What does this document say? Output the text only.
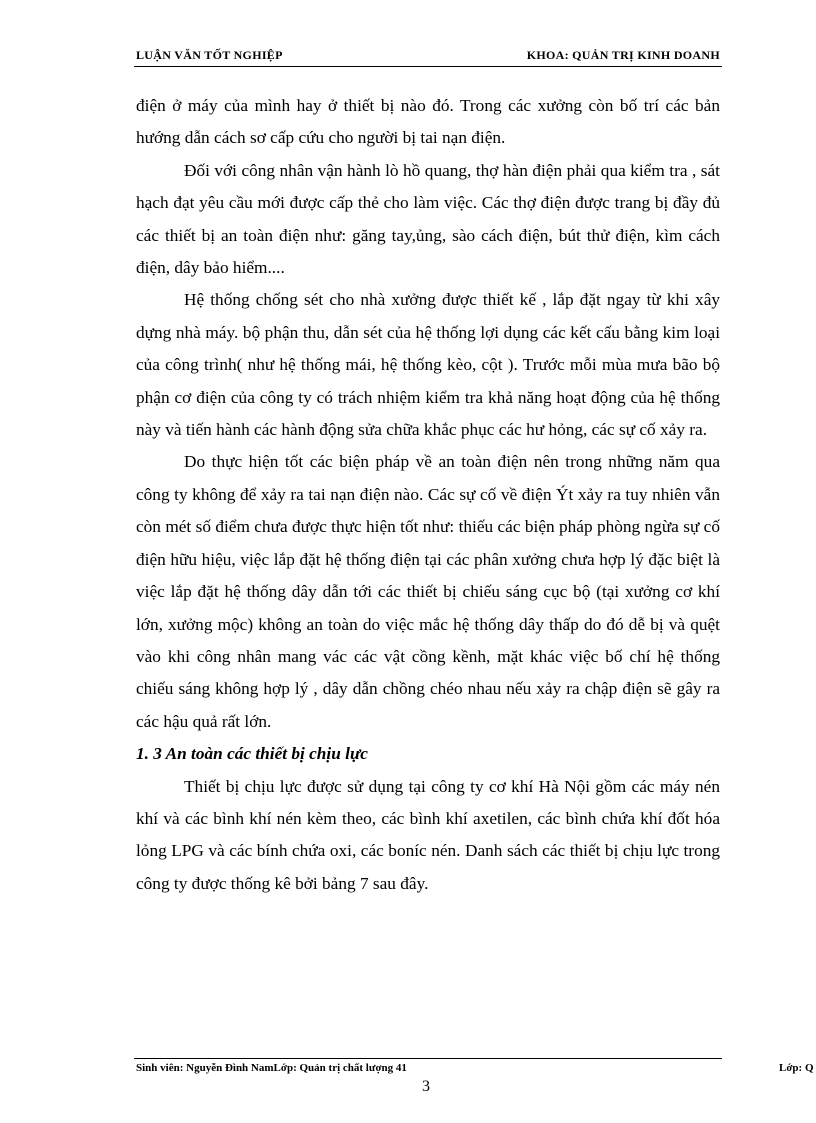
LUẬN VĂN TỐT NGHIỆP	KHOA: QUẢN TRỊ KINH DOANH

điện ở máy của mình hay ở thiết bị nào đó. Trong các xưởng còn bố trí các bản hướng dẫn cách sơ cấp cứu cho người bị tai nạn điện.

Đối với công nhân vận hành lò hồ quang, thợ hàn điện phải qua kiểm tra , sát hạch đạt yêu cầu mới được cấp thẻ cho làm việc. Các thợ điện được trang bị đầy đủ các thiết bị an toàn điện như: găng tay,ủng, sào cách điện, bút thử điện, kìm cách điện, dây bảo hiểm....

Hệ thống chống sét cho nhà xưởng được thiết kế , lắp đặt ngay từ khi xây dựng nhà máy. bộ phận thu, dẫn sét của hệ thống lợi dụng các kết cấu bằng kim loại của công trình( như hệ thống mái, hệ thống kèo, cột ). Trước mỗi mùa mưa bão bộ phận cơ điện của công ty có trách nhiệm kiểm tra khả năng hoạt động của hệ thống này và tiến hành các hành động sửa chữa khắc phục các hư hỏng, các sự cố xảy ra.

Do thực hiện tốt các biện pháp về an toàn điện nên trong những năm qua công ty không để xảy ra tai nạn điện nào. Các sự cố về điện Ýt xảy ra tuy nhiên vẫn còn mét số điểm chưa được thực hiện tốt như: thiếu các biện pháp phòng ngừa sự cố điện hữu hiệu, việc lắp đặt hệ thống điện tại các phân xưởng chưa hợp lý đặc biệt là việc lắp đặt hệ thống dây dẫn tới các thiết bị chiếu sáng cục bộ (tại xưởng cơ khí lớn, xưởng mộc) không an toàn do việc mắc hệ thống dây thấp do đó dễ bị và quệt vào khi công nhân mang vác các vật cồng kềnh, mặt khác việc bố chí hệ thống chiếu sáng không hợp lý , dây dẫn chồng chéo nhau nếu xảy ra chập điện sẽ gây ra các hậu quả rất lớn.

1. 3 An toàn các thiết bị chịu lực

Thiết bị chịu lực được sử dụng tại công ty cơ khí Hà Nội gồm các máy nén khí và các bình khí nén kèm theo, các bình khí axetilen, các bình chứa khí đốt hóa lỏng LPG và các bính chứa oxi, các boníc nén. Danh sách các thiết bị chịu lực trong công ty được thống kê bởi bảng 7 sau đây.

Sinh viên: Nguyễn Đình NamLớp: Quản trị chất lượng 41	Lớp: Q
3
